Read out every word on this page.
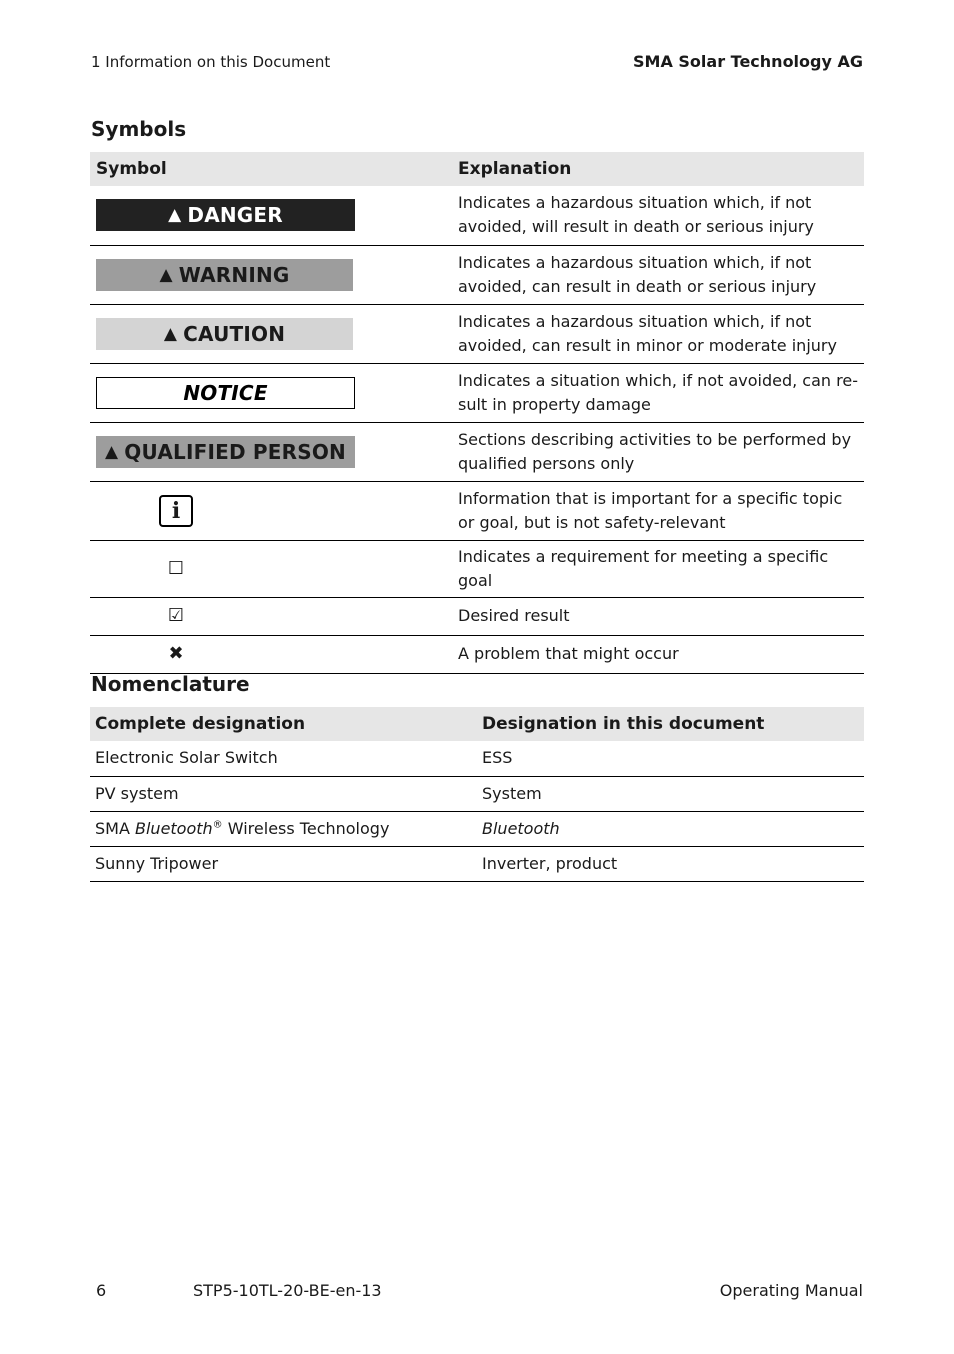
1 Information on this Document	SMA Solar Technology AG
Symbols
Symbol	Explanation

▲ DANGER	Indicates a hazardous situation which, if not avoided, will result in death or serious injury

▲ WARNING	Indicates a hazardous situation which, if not avoided, can result in death or serious injury

▲ CAUTION	Indicates a hazardous situation which, if not avoided, can result in minor or moderate injury

NOTICE	Indicates a situation which, if not avoided, can re-sult in property damage

▲ QUALIFIED PERSON	Sections describing activities to be performed by qualified persons only

i	Information that is important for a specific topic or goal, but is not safety-relevant

☐	Indicates a requirement for meeting a specific goal

☑	Desired result

✖	A problem that might occur
Nomenclature
Complete designation	Designation in this document
Electronic Solar Switch	ESS
PV system	System
SMA Bluetooth® Wireless Technology	Bluetooth
Sunny Tripower	Inverter, product
6	STP5-10TL-20-BE-en-13	Operating Manual
